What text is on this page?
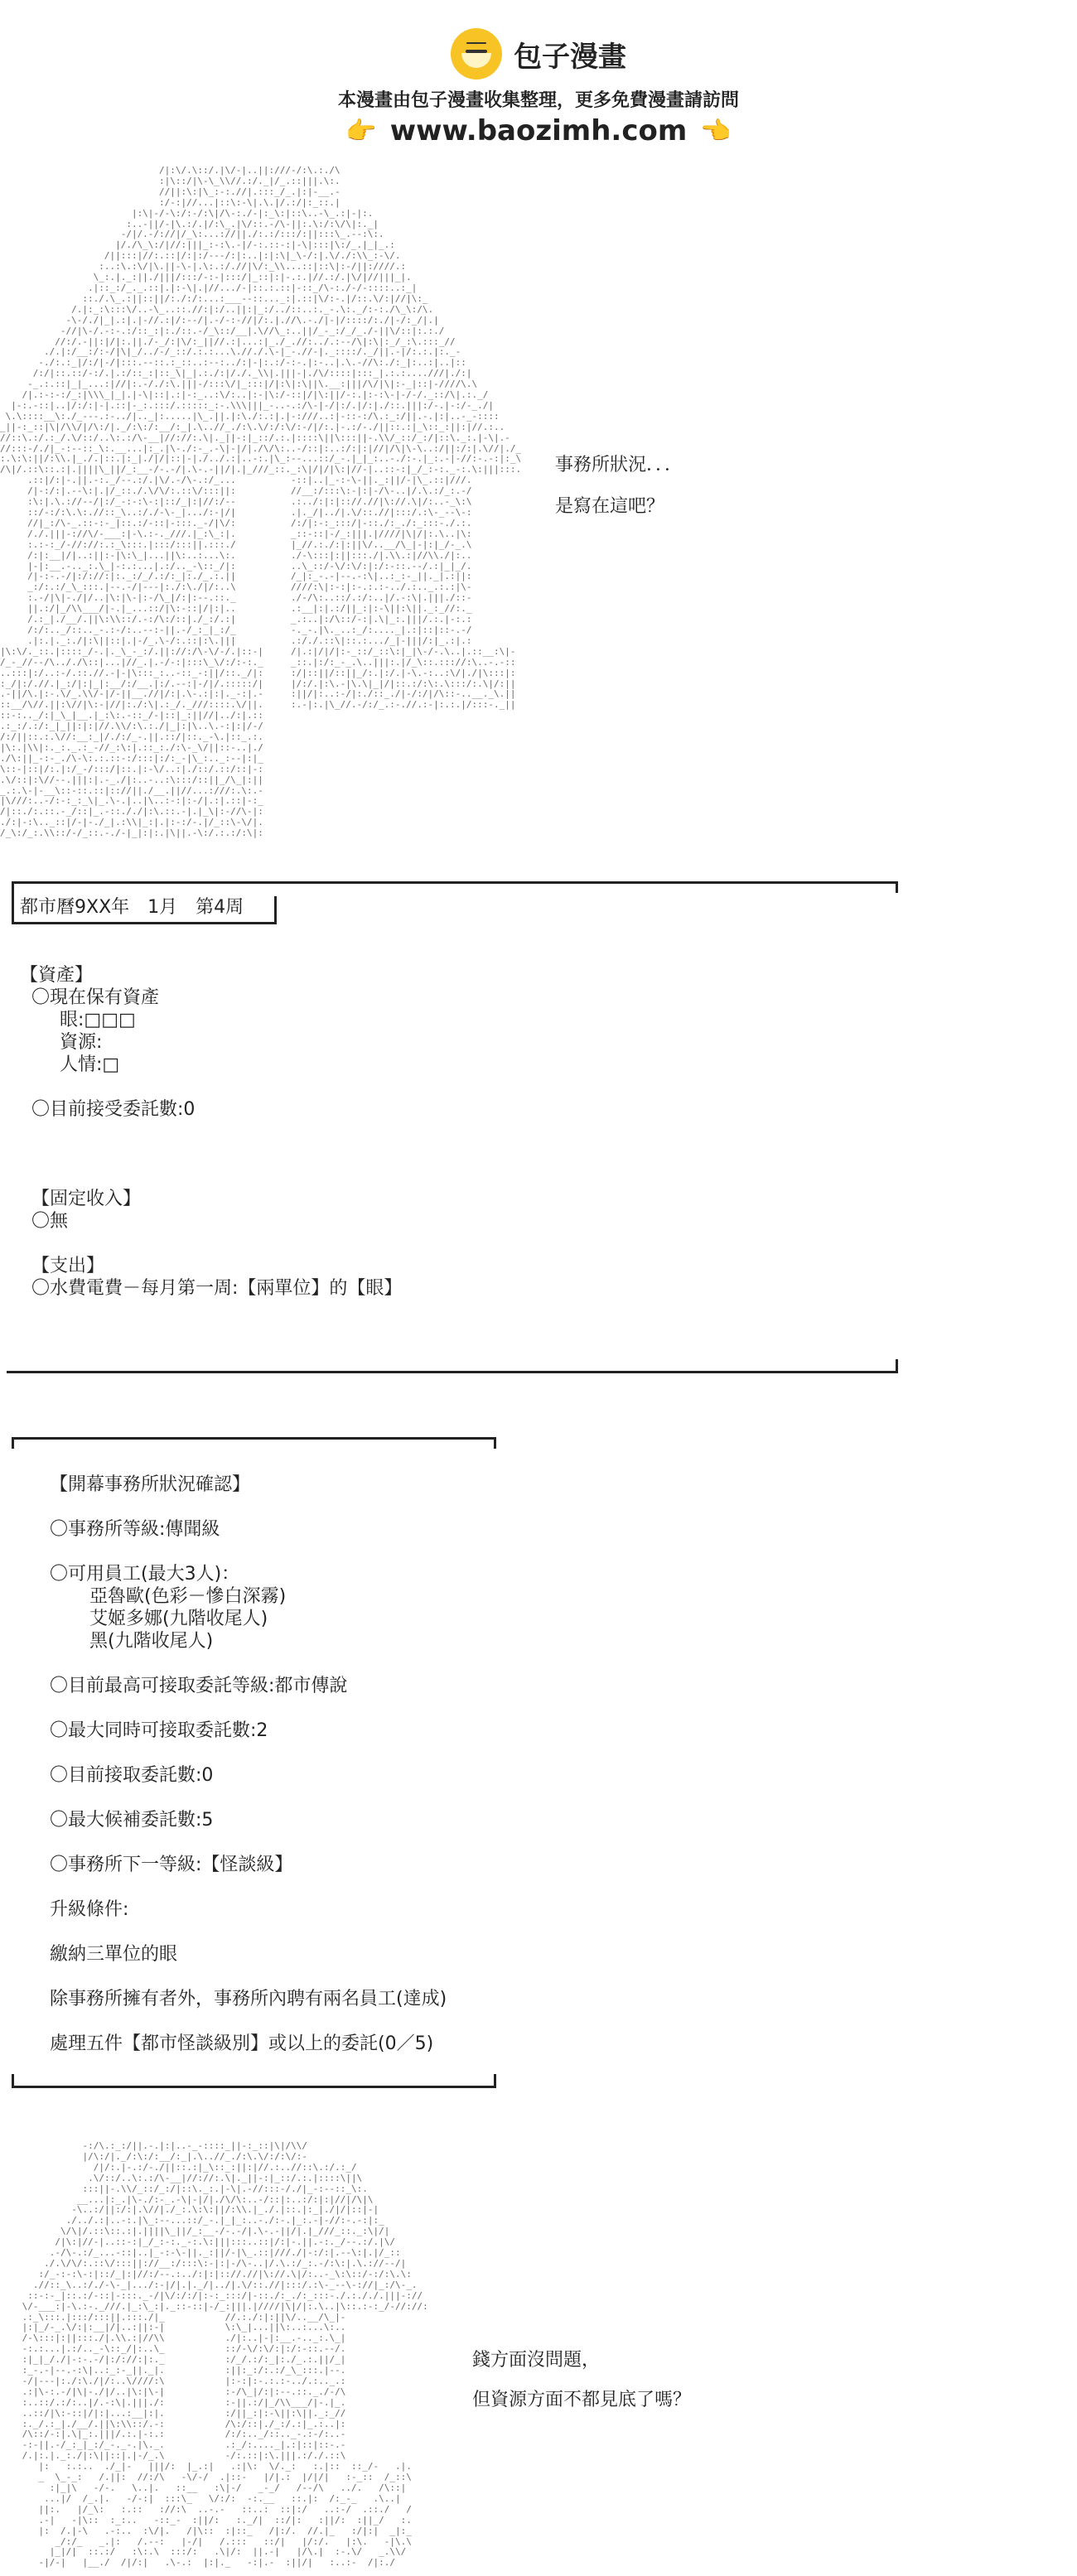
包子漫畫
本漫畫由包子漫畫收集整理，更多免費漫畫請訪問
👉 www.baozimh.com 👈
/|:\/.\::/.|\/-|..||:///-/:\.:./\
:|\::/|\-\_\\//.:/._|/_.::|||.\:.
//||:\:|\_:-:.//|.:::_/_.|:|-__.-
:/-:|//...|::\:-\|.\.|/.:/|:_::.|
|:\|-/-\:/:-/:\|/\-:./-|:_\:|::\..-\_.:|-|:.
:..-||/-|\.:/.|/:\_.|\/::.-/\-||:.\:/:\/\|:._|
-/|/.-/://|/_\:...://||./:.:/:::/:||:::\_.--:\:.
|/./\_\:/|//:|||_:-:\.-|/-:.::-:|-\|:::|\:/_.|_|_.:
/||:::|//:.::|/:|:/---/:|:..|:|:\|_\-/:|.\/./:\\_:-\/.
:..:\.:\/|\.||-\-|.\:.:/.//|\/:_\\...::|::\|:-/||:////.:
\_:.|._:||./|||/:::/-:-|:::/|_::|:|-.:.|//.:/.|\/|//|||_|.
.|::_:/_._.::|.|:-\|.|//.../-|::.:.::|-::_/\-:./-/-::::..:_|
::./.\_.:||::||/:./:/:...:___--::..._:|.::|\/:-.|/::.\/:|//|\:_
/.|:_:\:::\/..-\_..::.//:|:/..||:|_:/../::..:._-.\:._/:-:./\_\:/\.
-\-/./|_|.:|.|-//.:|/:--/|.-/-:-//|/:.|.//\.-./|-|/::::/:./|-/:_/|.|
-//|\-/.-:-.:/::_:|:./::.-/_\::/__|.\//\_:..||/_-_:/_/_./-||\/::|:.:./
//:/.-||:|/|:.||./-_/:|\/:_||//.:|...:|_./_.//:../.:--/\|:\|:_/_:\.:::_//
./.|:/__:/:-/|\|_/../-/_::/.:.:...\.//./.\-|_-.//-|._::::/._/||.-|/:.:.|:._-
-./:.:_|/:/|-/|:::.--::.:_::..:--:../:|-|:.:/-:-.|:-..|.\.-//\:./:_|:..:|..|::
/:/|::.::/-:/.|.:/::_:|::_\|_|.:./:|/./._\\|.|||-|./\/::::|:::_|.:.:....///|./:|
-_.:.::|_|_...:|//|:.-/./:\.|||-/:::\/|_:::|/|:\|:\||\.__:|||/\/|\|:-_|::|-////\.\
/|.:-:-:/_:|\\\_|_|.|-\|::|.:|-:_..:\/:..|:-|\:/-::|/|\:||/-:.|:-:\-|-/-/._::/\|.:._/
|-:.-::|..|/:/:|-|.::|-_:.:::/.:::::_:-.\\\|||_-..-.:/\-|-/|:/.|/:|./::.|||:/-.|-:/-_./|
\.\::::__\:./_---.:-../|.._|:.....|\_.||.|:\./:.:|.|-:///..:|-::-:/\.:_:/||.-.|:|..-_-::::
_||-:_::|\|/\\/|/\:/|._/:\:/:__/:_|.\..//_./:\.\/:/:\/:-/|/:.|-.:/-./||::.:|_\::_:||:|//.:..
//::\.:/.:_/.\/::/..\:.:/\-__|//://:.\|._||-:|_::/.:.|::::\||\:::||-.\\/_::/_:/|::\._:.|-\|.-
//:::-/./|_-:--::_\:.__...|:_.|\-./:-_.-\|-|/|./\/\:..-/::|:..:/:|:|//|/\|\-\..:/||:/:|.\//|./_
:.\:\:||/:\\.|_./.|::.|:_|./|/|::|-|./../.:|..-:.|\_:--...::/_-.|_|_:..-./:-.|_:.-|-//:-.-:|:_\
/\|/.::\::.:|.||||\_||/_:__-/-.-/|.\-.-||/|.|_///_::._:\|/|/|\:|//-|..::-:|_/_:-:._-:.\:|||:::.
.::|/:|-.||.-:._/--.:/.|\/.-/\-.:/_...          -::|..|_-:-\-||._:||/-|\_.::|///.
/|-:/:|.--\:|.|/_::./.\/\/:.::\/:::||:          //__:/:::\:-|:|-/\-..|/.\.:/_:.-/
:\:|.\.://--/|:/_-:-:\-:|::/_|:|//:/--          .:../:|:|:://.//|\://.\|/:..-_\:\
::/-:/:\.\:.//::_\..:/./-\-_|.../:-|/|          .|._/|../|.\/::.//|:::/.:\-_--\-:
//|_:/\-_.::-:-_|::.:/-::|-:::._-/|\/:          /:/|:-:_:::/|-::./:_./:_:::-./.:.
/./.|||-://\/-___:|-\.:-._///.|_:\_:|.          _::-::|-/_:|||.|////|\|/|:.\..|\:
:.:-:_/-//://:.:_\:::.|:::/:::||.:::./          |_//.:./:|:||\/..__/\_|-|:|_/-_.\
/:|:__|/|..:||:-|\:\_|...||\:..:...\:.          ./-\:::|:||:::./|.\\.:|//\\./|:..
|-|:__.-.._:.\_|-:.:...|.:/.._-\::_/|:          ..\_::/-\/:\/:|:/:-::.--/.:|_|_/.
/|-:-.-/|:/://:|:._:/_/.:/:_|:./_.:.||          /_|:_-.-|--.-:\|..:_:-_||._|.:||:
_:/:.:/_\_:::.|--.-/|---|:./:\./|/:..\          ////:\|:-:|:-.:.:-../.:.._.:.:|\-
:.-/|\|-./|/..|\:|\-|:-/\_|/:|:--.::._          ./-/\:..::/.:/:..|/.-:\|.|||./::-
||.:/|_/\\___/|-.|_...::/|\:-::|/|:|..          .:__|:|.:/||_:|:-\||:\||._:_//:._
/.:_|./__/.||\:\\::/.-:/\:/::|./_:/.:|          _.:..|:/\::/-:|.\|_:.|||/.:.|-:.:
/:/:.._/::.._-.:-/:..--:-||.-/_:_|_:/_          -._-.|\._..:_/:...._|.:|::|::-.-/
.|:.|._:./|:\||::|.|-/_.\-/:.::|:\.|||          .:/./.::\|::.:.../_|-|||/:|_.:|.:
|\:\/._::.|::::_/-.|._\_-_:/.||://:/\-\/-/.|::-|     /|.:|/|/|:-_::/_::\:|_|\-/-.\..|.::__:\|-
/_-_//--/\.././\::|...|//_.|.-/-:|:::\_\/:/:-:._     _::.|:/:_-_.\..|||:.|/_\::.::://:\..-.-::
..:::|:/..:-/.::.//.-|-|\:::_:..-::_-:||/::._/|:     :/|::||/::||_/:.|:/.|-\.-:..:\/|./|\:::|:
:_/|:/.//.|_:/|:|_|:__/:/__.|:/.--:|-/|/.:::::/|     |/:/.|:\.-|\.\|_|/|::.:/:\:.\:::/:.\|/:||
.-||/\.|:-.\/_.\\/-|/-||__.//|/:|.\-.:|:|._-:|.-     :||/|:..:-/|:./::_./|-/:/|/\::-..__._\.||
::__/\//.||:\//|\:-|//|:./:\|.:_/._///::::.\/||.     :.-|:.|\_//.-/:/_.:-.//.:-|:.:.|/:::-._||
::-:.._/:|_\_|__.|_:\:.-::_/-|::|_:||//|../:|.::
.:_:/.:/:_|_||:|:|//.\\/:\.:./|_|:|\..\.-:|:|/-/
/:/||::.:.\//:__:_|/./:/_-.||.::/|::._-\.|::_.:.
|\:.|\\|:._:._.:_-//_:\:|.::_:./:\-_\/||::-..|./
./\:||_-:-_./\-\:.:.::-:/:::|:/:_-|\_:.._:--|:|_
\::-|::|/:.|:/_-/:::/|::.|:-\/..:|./::/.::/::|-:
.\/::|:\//--.|||:|.-_./|:..-..:\:::/::||_/\_|:||
_.:.\-|-__\::-::.::|:://||./__.||//...:///:.\:.-
|\///:..-/:-:_:_\|_.\-.|..|\..:-:|:-/|.:|.::|-:_
/|::./:.::.-_/::|_.-::././|:\.::.-|.|_\|:-//\-|:
./:|-:\.._::|/-|-./_|.:\\|_:|.|:-:/-.|/_::\-\/|.
/_\:/_:.\\::/-/_::.-./-|_|:|:.|\||.-\:/.:.:/:\|:

事務所狀況．．．
是寫在這吧？
都市曆9XX年　1月　第4周
【資產】
〇現在保有資產
眼:□□□
資源:
人情:□
〇目前接受委託數:0
【固定收入】
〇無
【支出】
〇水費電費－每月第一周:【兩單位】的【眼】
【開幕事務所狀況確認】
〇事務所等級:傳聞級
〇可用員工(最大3人)：
亞魯歐(色彩－慘白深霧)
艾姬多娜(九階收尾人)
黑(九階收尾人)
〇目前最高可接取委託等級:都市傳說
〇最大同時可接取委託數:2
〇目前接取委託數:0
〇最大候補委託數:5
〇事務所下一等級:【怪談級】
升級條件:
繳納三單位的眼
除事務所擁有者外，事務所內聘有兩名員工(達成)
處理五件【都市怪談級別】或以上的委託(0／5)
-:/\.:_:/||.-.|:|..-_-::::_||-:_::|\|/\\/
|/\:/|._/:\:/:__/:_|.\..//_./:\.\/:/:\/:-
/|/:.|-.:/-./||::.:|_\::_:||:|//.:..//::\.:/.:_/
.\/::/..\:.:/\-__|//://:.\|._||-:|_::/.:.|::::\||\
:::||-.\\/_::/_:/|::\._:.|-\|.-//:::-/./|_-:--::_\:.
__...|:_.|\-./:-_.-\|-|/|./\/\:..-/::|:..:/:|:|//|/\|\
-\..:/||:/:|.\//|./_:.\:\:||/:\\.|_./.|::.|:_|./|/|::|-|
./../.:|..-:.|\_:--...::/_-.|_|_:..-./:-.|_:.-|-//:-.-:|:_
\/\|/.::\::.:|.||||\_||/_:__-/-.-/|.\-.-||/|.|_///_::._:\|/|
/|\:|//-|..::-:|_/_:-:._-:.\:|||:::..::|/:|-.||.-:._/--.:/.|\/
.-/\-.:/_...-::|..|_-:-\-||._:||/-|\_.::|///./|-:/:|.--\:|.|/_::
./.\/\/:.::\/:::||://__:/:::\:-|:|-/\-..|/.\.:/_:.-/:\:|.\.://--/|
:/_-:-:\-:|::/_|:|//:/--.:../:|:|:://.//|\://.\|/:..-_\:\::/-:/:\.\:
.//::_\..:/./-\-_|.../:-|/|.|._/|../|.\/::.//|:::/.:\-_--\-://|_:/\-_.
::-:-_|::.:/-::|-:::._-/|\/:/:/|:-:_:::/|-::./:_./:_:::-./.:././.|||-://
\/-___:|-\.:-._///.|_:\_:|._::-::|-/_:|||.|////|\|/|:.\..|\::.:-:_/-//://:
.:_\:::.|:::/:::||.:::./|_           //.:./:|:||\/..__/\_|-
|:|_/-_.\/:|:__|/|..:||:-|           \:\_|...||\:..:...\:..
/-\:::|:||:::./|.\\.:|//\\           ./|:..|-|:__.-.._:.\_|
-:.:...|.:/.._-\::_/|:..\_           ::/-\/:\/:|:/:-::.--/.
:|_|_/./|-:-.-/|:/://:|:._           :/_/.:/:_|:./_.:.||/_|
:_-.-|--.-:\|..:_:-_||._|.           :||:_:/:.:/_\_:::.|--.
-/|---|:./:\./|/:..\////:\           |:-:|:-.:.:-../.:.._.:
.:|\-:.-/|\|-./|/..|\:|\-|           :-/\_|/:|:--.::._./-/\
:..::/.:/:..|/.-:\|.|||./:           :-||.:/|_/\\___/|-.|_.
..::/|\:-::|/|:|...:__|:|.           :/||_:|:-\||:\||._:_//
:._/.:_|./__/.||\:\\::/.-:           /\:/::|./_:/.:|_.:..|:
/\::/-:|.\|_:.|||/.:.|-:.:           /:/:.._/::.._-.:-/:..-
-:-||.-/_:_|_:/_-._-.|\._.           .:_/:...._|.:|::|::-.-
/.|:.|._:./|:\||::|.|-/_.\           -/:.::|:\.|||.:/./.::\
|:   :.:..  ./_|-   |||/:  |_.:|   .:|\:  \/._:   :.|::  ::_/-   .|.
_  \_-_:   /.||:  //:/\   -\/-/  .|::-   |/|.:  |/|/|   :-_::  /_::\
:|_|\   -/-.   \..|.   ::__   :\|-/   _-_/   /--/\   ../.   /\::|
...|/  /_.|.   -/-:|  :::\_   \/:/:  -:.__   ::.|:  /:_-_   .\..|
||:.   |/_\:   :.::   ://:\  ..-.-   ::..:  ::|:/   ..:-/  .::./   /
.-|   -|\::  :_:..   -::_-  :||/:   :._/|  ::/|:   :||/:  :||_/   :.
|:  /.|-\   .-:..  :\/|.   /|\::  :|::_   /|:/.  //.|_   :/|:|  _|:_
_/:/_   _.|:   /.--:   |-/|   /.:::   ::/|   |/:/.   |:\.   -|\.\
|_|/|  ::.:/   :\:.\  :::/:   .\|/:  ||.-|   |/\.|  :-.\/   _.\\/
-|/-|   |__./  /|/:|   .\-.:  |:|._   -:|.-  :||/|   :..:-  /|:./

錢方面沒問題，
但資源方面不都見底了嗎？
